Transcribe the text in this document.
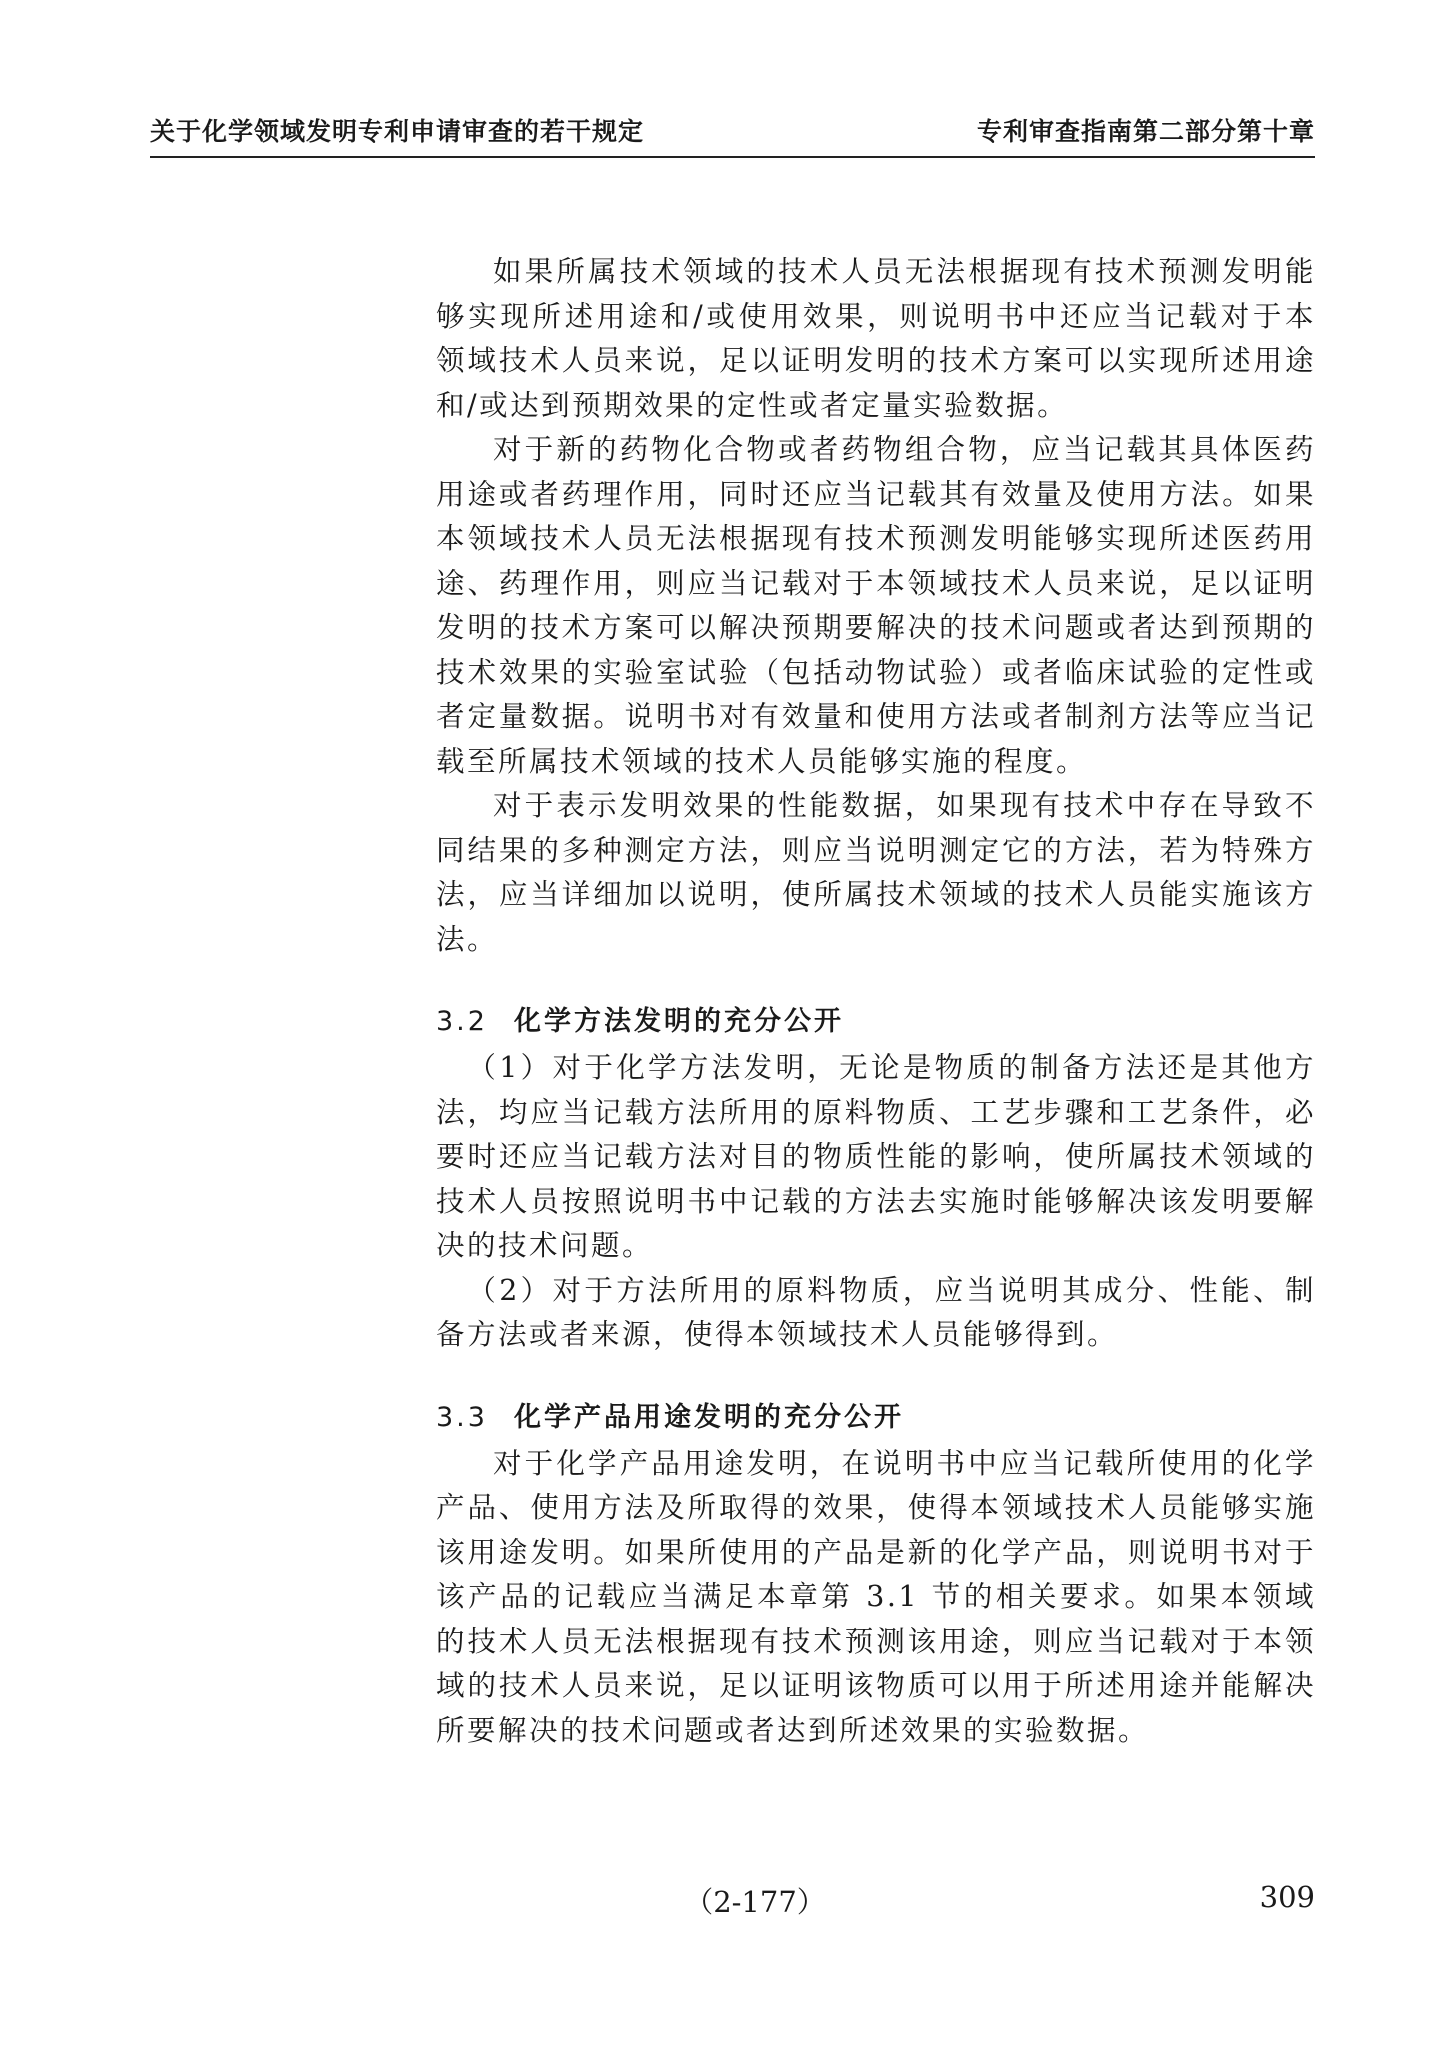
关于化学领域发明专利申请审查的若干规定	专利审查指南第二部分第十章

如果所属技术领域的技术人员无法根据现有技术预测发明能够实现所述用途和/或使用效果，则说明书中还应当记载对于本领域技术人员来说，足以证明发明的技术方案可以实现所述用途和/或达到预期效果的定性或者定量实验数据。

对于新的药物化合物或者药物组合物，应当记载其具体医药用途或者药理作用，同时还应当记载其有效量及使用方法。如果本领域技术人员无法根据现有技术预测发明能够实现所述医药用途、药理作用，则应当记载对于本领域技术人员来说，足以证明发明的技术方案可以解决预期要解决的技术问题或者达到预期的技术效果的实验室试验（包括动物试验）或者临床试验的定性或者定量数据。说明书对有效量和使用方法或者制剂方法等应当记载至所属技术领域的技术人员能够实施的程度。

对于表示发明效果的性能数据，如果现有技术中存在导致不同结果的多种测定方法，则应当说明测定它的方法，若为特殊方法，应当详细加以说明，使所属技术领域的技术人员能实施该方法。

3.2 化学方法发明的充分公开

（1）对于化学方法发明，无论是物质的制备方法还是其他方法，均应当记载方法所用的原料物质、工艺步骤和工艺条件，必要时还应当记载方法对目的物质性能的影响，使所属技术领域的技术人员按照说明书中记载的方法去实施时能够解决该发明要解决的技术问题。

（2）对于方法所用的原料物质，应当说明其成分、性能、制备方法或者来源，使得本领域技术人员能够得到。

3.3 化学产品用途发明的充分公开

对于化学产品用途发明，在说明书中应当记载所使用的化学产品、使用方法及所取得的效果，使得本领域技术人员能够实施该用途发明。如果所使用的产品是新的化学产品，则说明书对于该产品的记载应当满足本章第 3.1 节的相关要求。如果本领域的技术人员无法根据现有技术预测该用途，则应当记载对于本领域的技术人员来说，足以证明该物质可以用于所述用途并能解决所要解决的技术问题或者达到所述效果的实验数据。

（2-177）	309
